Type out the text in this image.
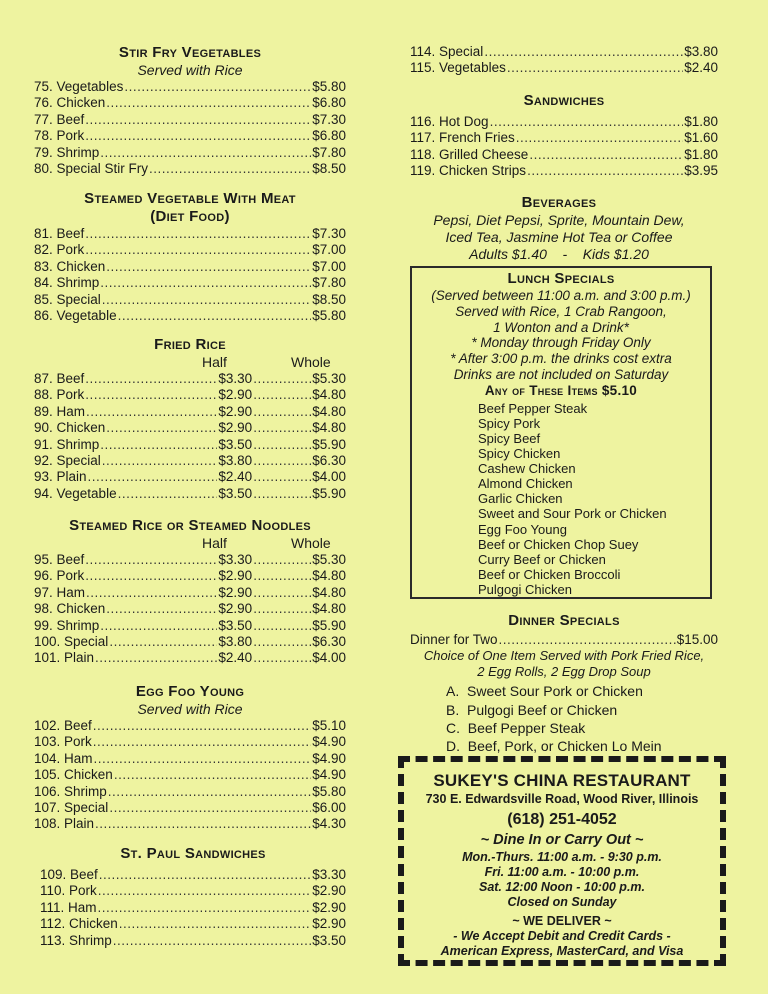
Stir Fry Vegetables
Served with Rice
75. Vegetables .....	$5.80
76. Chicken .....	$6.80
77. Beef .....	$7.30
78. Pork .....	$6.80
79. Shrimp .....	$7.80
80. Special Stir Fry .....	$8.50
Steamed Vegetable With Meat
(Diet Food)
81. Beef .....	$7.30
82. Pork .....	$7.00
83. Chicken .....	$7.00
84. Shrimp .....	$7.80
85. Special .....	$8.50
86. Vegetable .....	$5.80
Fried Rice
Half	Whole
87. Beef .....	$3.30 .....	$5.30
88. Pork .....	$2.90 .....	$4.80
89. Ham .....	$2.90 .....	$4.80
90. Chicken .....	$2.90 .....	$4.80
91. Shrimp .....	$3.50 .....	$5.90
92. Special .....	$3.80 .....	$6.30
93. Plain .....	$2.40 .....	$4.00
94. Vegetable .....	$3.50 .....	$5.90
Steamed Rice or Steamed Noodles
Half	Whole
95. Beef .....	$3.30 .....	$5.30
96. Pork .....	$2.90 .....	$4.80
97. Ham .....	$2.90 .....	$4.80
98. Chicken .....	$2.90 .....	$4.80
99. Shrimp .....	$3.50 .....	$5.90
100. Special .....	$3.80 .....	$6.30
101. Plain .....	$2.40 .....	$4.00
Egg Foo Young
Served with Rice
102. Beef .....	$5.10
103. Pork .....	$4.90
104. Ham .....	$4.90
105. Chicken .....	$4.90
106. Shrimp .....	$5.80
107. Special .....	$6.00
108. Plain .....	$4.30
St. Paul Sandwiches
109. Beef .....	$3.30
110. Pork .....	$2.90
111. Ham .....	$2.90
112. Chicken .....	$2.90
113. Shrimp .....	$3.50
114. Special .....	$3.80
115. Vegetables .....	$2.40
Sandwiches
116. Hot Dog .....	$1.80
117. French Fries .....	$1.60
118. Grilled Cheese .....	$1.80
119. Chicken Strips .....	$3.95
Beverages
Pepsi, Diet Pepsi, Sprite, Mountain Dew,
Iced Tea, Jasmine Hot Tea or Coffee
Adults $1.40    -    Kids $1.20
Lunch Specials
(Served between 11:00 a.m. and 3:00 p.m.)
Served with Rice, 1 Crab Rangoon,
1 Wonton and a Drink*
* Monday through Friday Only
* After 3:00 p.m. the drinks cost extra
Drinks are not included on Saturday
Any of These Items $5.10
Beef Pepper Steak
Spicy Pork
Spicy Beef
Spicy Chicken
Cashew Chicken
Almond Chicken
Garlic Chicken
Sweet and Sour Pork or Chicken
Egg Foo Young
Beef or Chicken Chop Suey
Curry Beef or Chicken
Beef or Chicken Broccoli
Pulgogi Chicken
Dinner Specials
Dinner for Two .....	$15.00
Choice of One Item Served with Pork Fried Rice,
2 Egg Rolls, 2 Egg Drop Soup
A.  Sweet Sour Pork or Chicken
B.  Pulgogi Beef or Chicken
C.  Beef Pepper Steak
D.  Beef, Pork, or Chicken Lo Mein
SUKEY'S CHINA RESTAURANT
730 E. Edwardsville Road, Wood River, Illinois
(618) 251-4052
~ Dine In or Carry Out ~
Mon.-Thurs. 11:00 a.m. - 9:30 p.m.
Fri. 11:00 a.m. - 10:00 p.m.
Sat. 12:00 Noon - 10:00 p.m.
Closed on Sunday
~ WE DELIVER ~
- We Accept Debit and Credit Cards -
American Express, MasterCard, and Visa
